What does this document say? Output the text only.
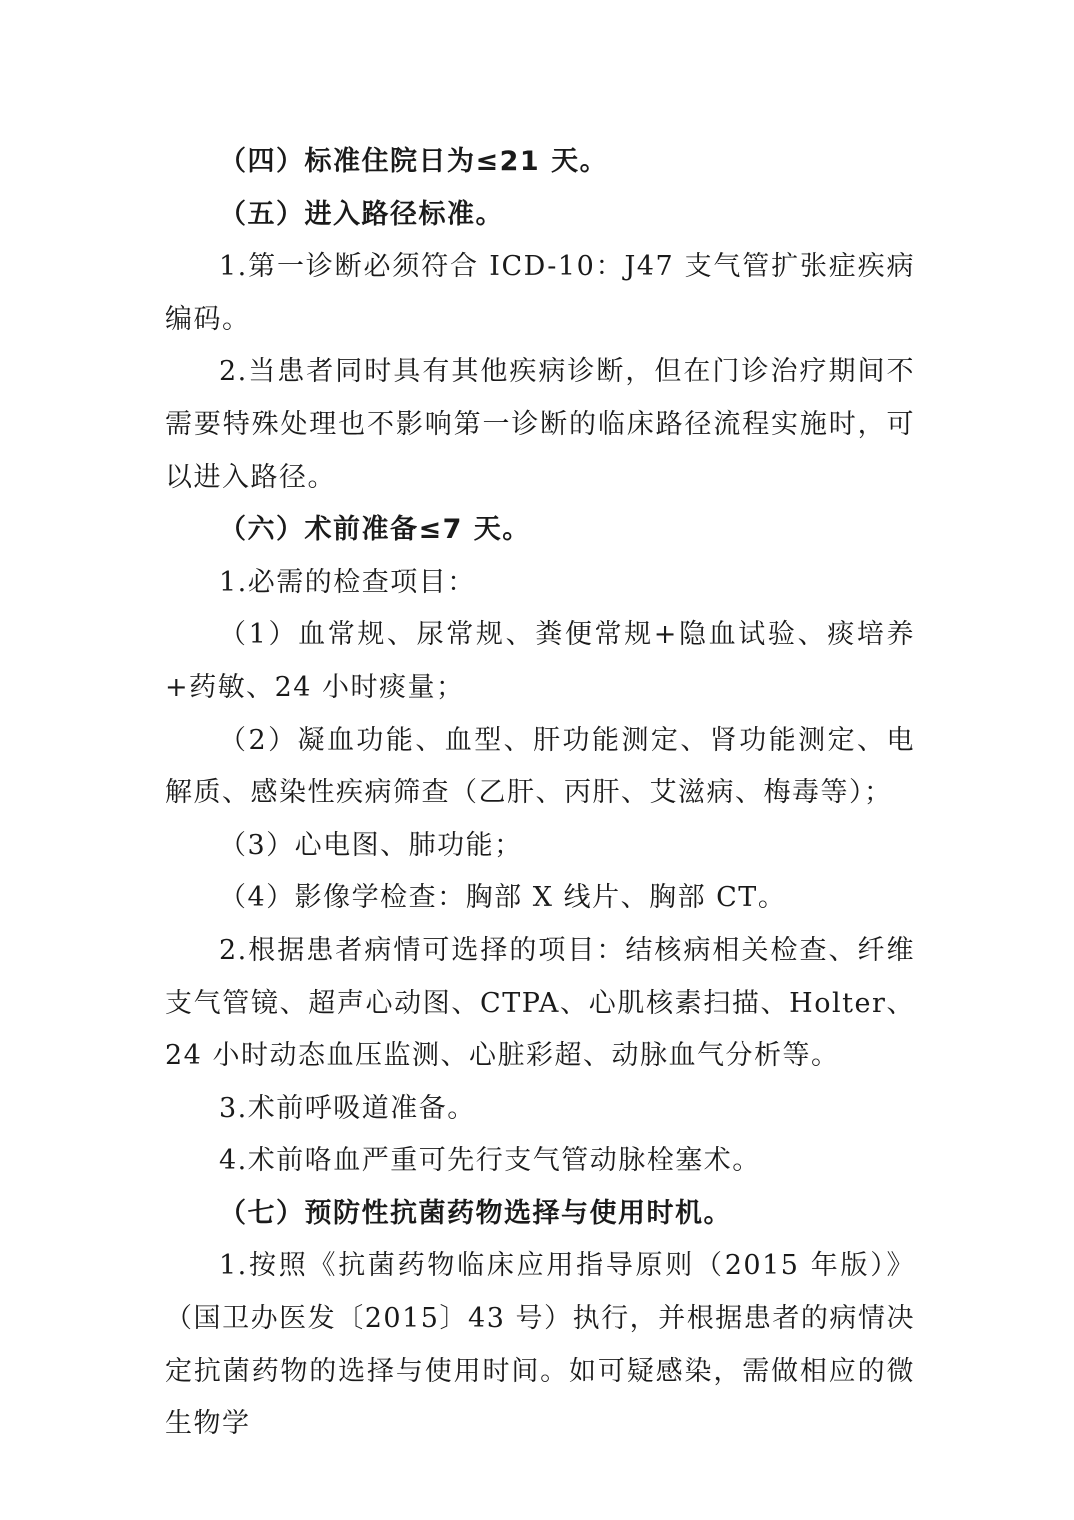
（四）标准住院日为≤21 天。

（五）进入路径标准。

1.第一诊断必须符合 ICD-10：J47 支气管扩张症疾病编码。

2.当患者同时具有其他疾病诊断，但在门诊治疗期间不需要特殊处理也不影响第一诊断的临床路径流程实施时，可以进入路径。

（六）术前准备≤7 天。

1.必需的检查项目：

（1）血常规、尿常规、粪便常规+隐血试验、痰培养+药敏、24 小时痰量；

（2）凝血功能、血型、肝功能测定、肾功能测定、电解质、感染性疾病筛查（乙肝、丙肝、艾滋病、梅毒等）；

（3）心电图、肺功能；

（4）影像学检查：胸部 X 线片、胸部 CT。

2.根据患者病情可选择的项目：结核病相关检查、纤维支气管镜、超声心动图、CTPA、心肌核素扫描、Holter、24 小时动态血压监测、心脏彩超、动脉血气分析等。

3.术前呼吸道准备。

4.术前咯血严重可先行支气管动脉栓塞术。

（七）预防性抗菌药物选择与使用时机。

1.按照《抗菌药物临床应用指导原则（2015 年版）》（国卫办医发〔2015〕43 号）执行，并根据患者的病情决定抗菌药物的选择与使用时间。如可疑感染，需做相应的微生物学
